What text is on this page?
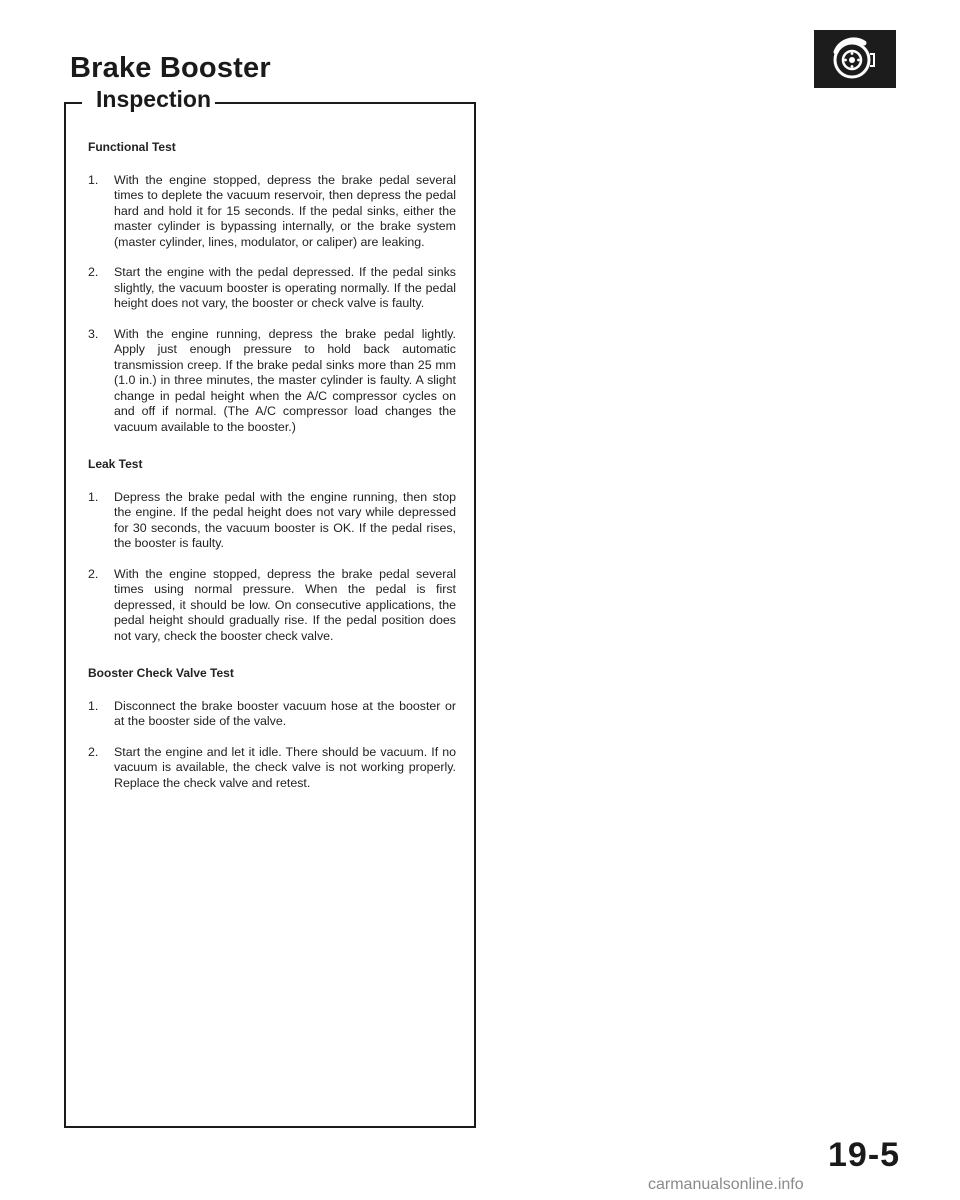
Brake Booster
Inspection
Functional Test
1.	With the engine stopped, depress the brake pedal several times to deplete the vacuum reservoir, then depress the pedal hard and hold it for 15 seconds. If the pedal sinks, either the master cylinder is bypassing internally, or the brake system (master cylinder, lines, modulator, or caliper) are leaking.
2.	Start the engine with the pedal depressed. If the pedal sinks slightly, the vacuum booster is operating normally. If the pedal height does not vary, the booster or check valve is faulty.
3.	With the engine running, depress the brake pedal lightly. Apply just enough pressure to hold back automatic transmission creep. If the brake pedal sinks more than 25 mm (1.0 in.) in three minutes, the master cylinder is faulty. A slight change in pedal height when the A/C compressor cycles on and off if normal. (The A/C compressor load changes the vacuum available to the booster.)
Leak Test
1.	Depress the brake pedal with the engine running, then stop the engine. If the pedal height does not vary while depressed for 30 seconds, the vacuum booster is OK. If the pedal rises, the booster is faulty.
2.	With the engine stopped, depress the brake pedal several times using normal pressure. When the pedal is first depressed, it should be low. On consecutive applications, the pedal height should gradually rise. If the pedal position does not vary, check the booster check valve.
Booster Check Valve Test
1.	Disconnect the brake booster vacuum hose at the booster or at the booster side of the valve.
2.	Start the engine and let it idle. There should be vacuum. If no vacuum is available, the check valve is not working properly. Replace the check valve and retest.
19-5
carmanualsonline.info
